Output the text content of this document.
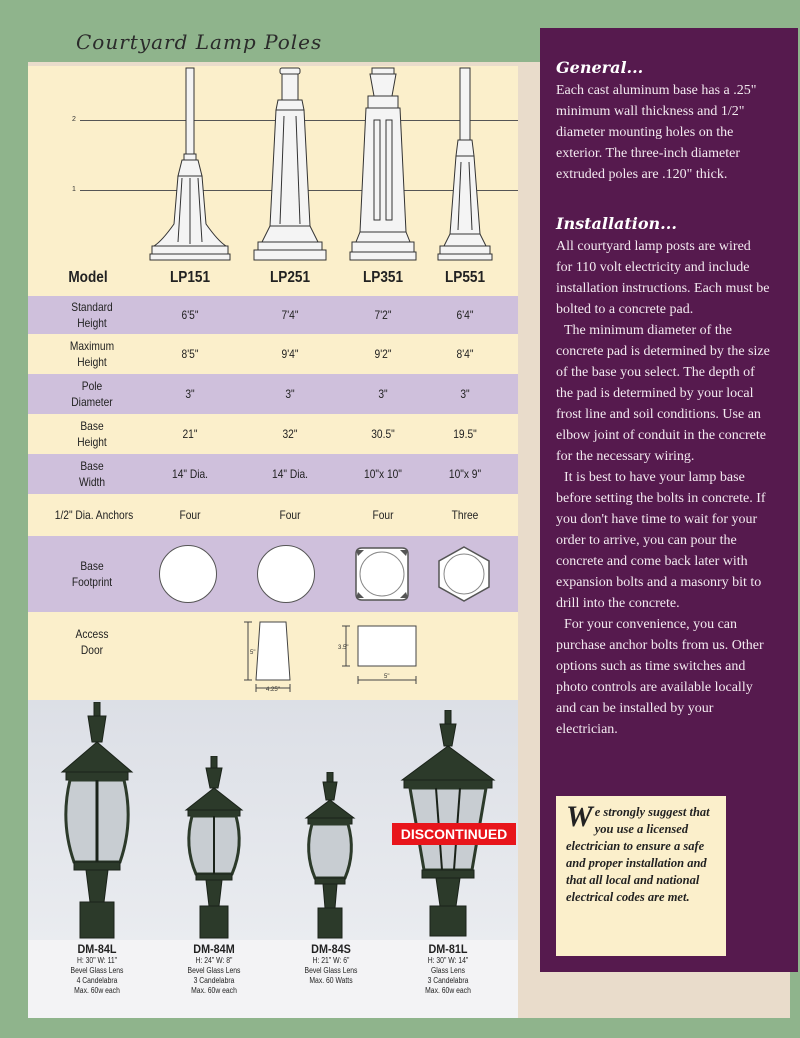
Courtyard Lamp Poles
2
1
Model	LP151	LP251	LP351	LP551
Standard
Height
6'5"	7'4"	7'2"	6'4"
Maximum
Height
8'5"	9'4"	9'2"	8'4"
Pole
Diameter
3"	3"	3"	3"
Base
Height
21"	32"	30.5"	19.5"
Base
Width
14" Dia.	14" Dia.	10"x 10"	10"x 9"
1/2" Dia. Anchors	Four	Four	Four	Three
Base
Footprint
Access
Door	5"
4.25"
3.5"
5"
DISCONTINUED
DM-84L
H: 30" W: 11"
Bevel Glass Lens
4 Candelabra
Max. 60w each
DM-84M
H: 24" W: 8"
Bevel Glass Lens
3 Candelabra
Max. 60w each
DM-84S
H: 21" W: 6"
Bevel Glass Lens
Max. 60 Watts
DM-81L
H: 30" W: 14"
Glass Lens
3 Candelabra
Max. 60w each
General...

Each cast aluminum base has a .25" minimum wall thickness and 1/2" diameter mounting holes on the exterior. The three-inch diameter extruded poles are .120" thick.

Installation...

All courtyard lamp posts are wired for 110 volt electricity and include installation instructions. Each must be bolted to a concrete pad.

The minimum diameter of the concrete pad is determined by the size of the base you select. The depth of the pad is determined by your local frost line and soil conditions. Use an elbow joint of conduit in the concrete for the necessary wiring.

It is best to have your lamp base before setting the bolts in concrete. If you don't have time to wait for your order to arrive, you can pour the concrete and come back later with expansion bolts and a masonry bit to drill into the concrete.

For your convenience, you can purchase anchor bolts from us. Other options such as time switches and photo controls are available locally and can be installed by your electrician.

We strongly suggest that you use a licensed electrician to ensure a safe and proper installation and that all local and national electrical codes are met.
